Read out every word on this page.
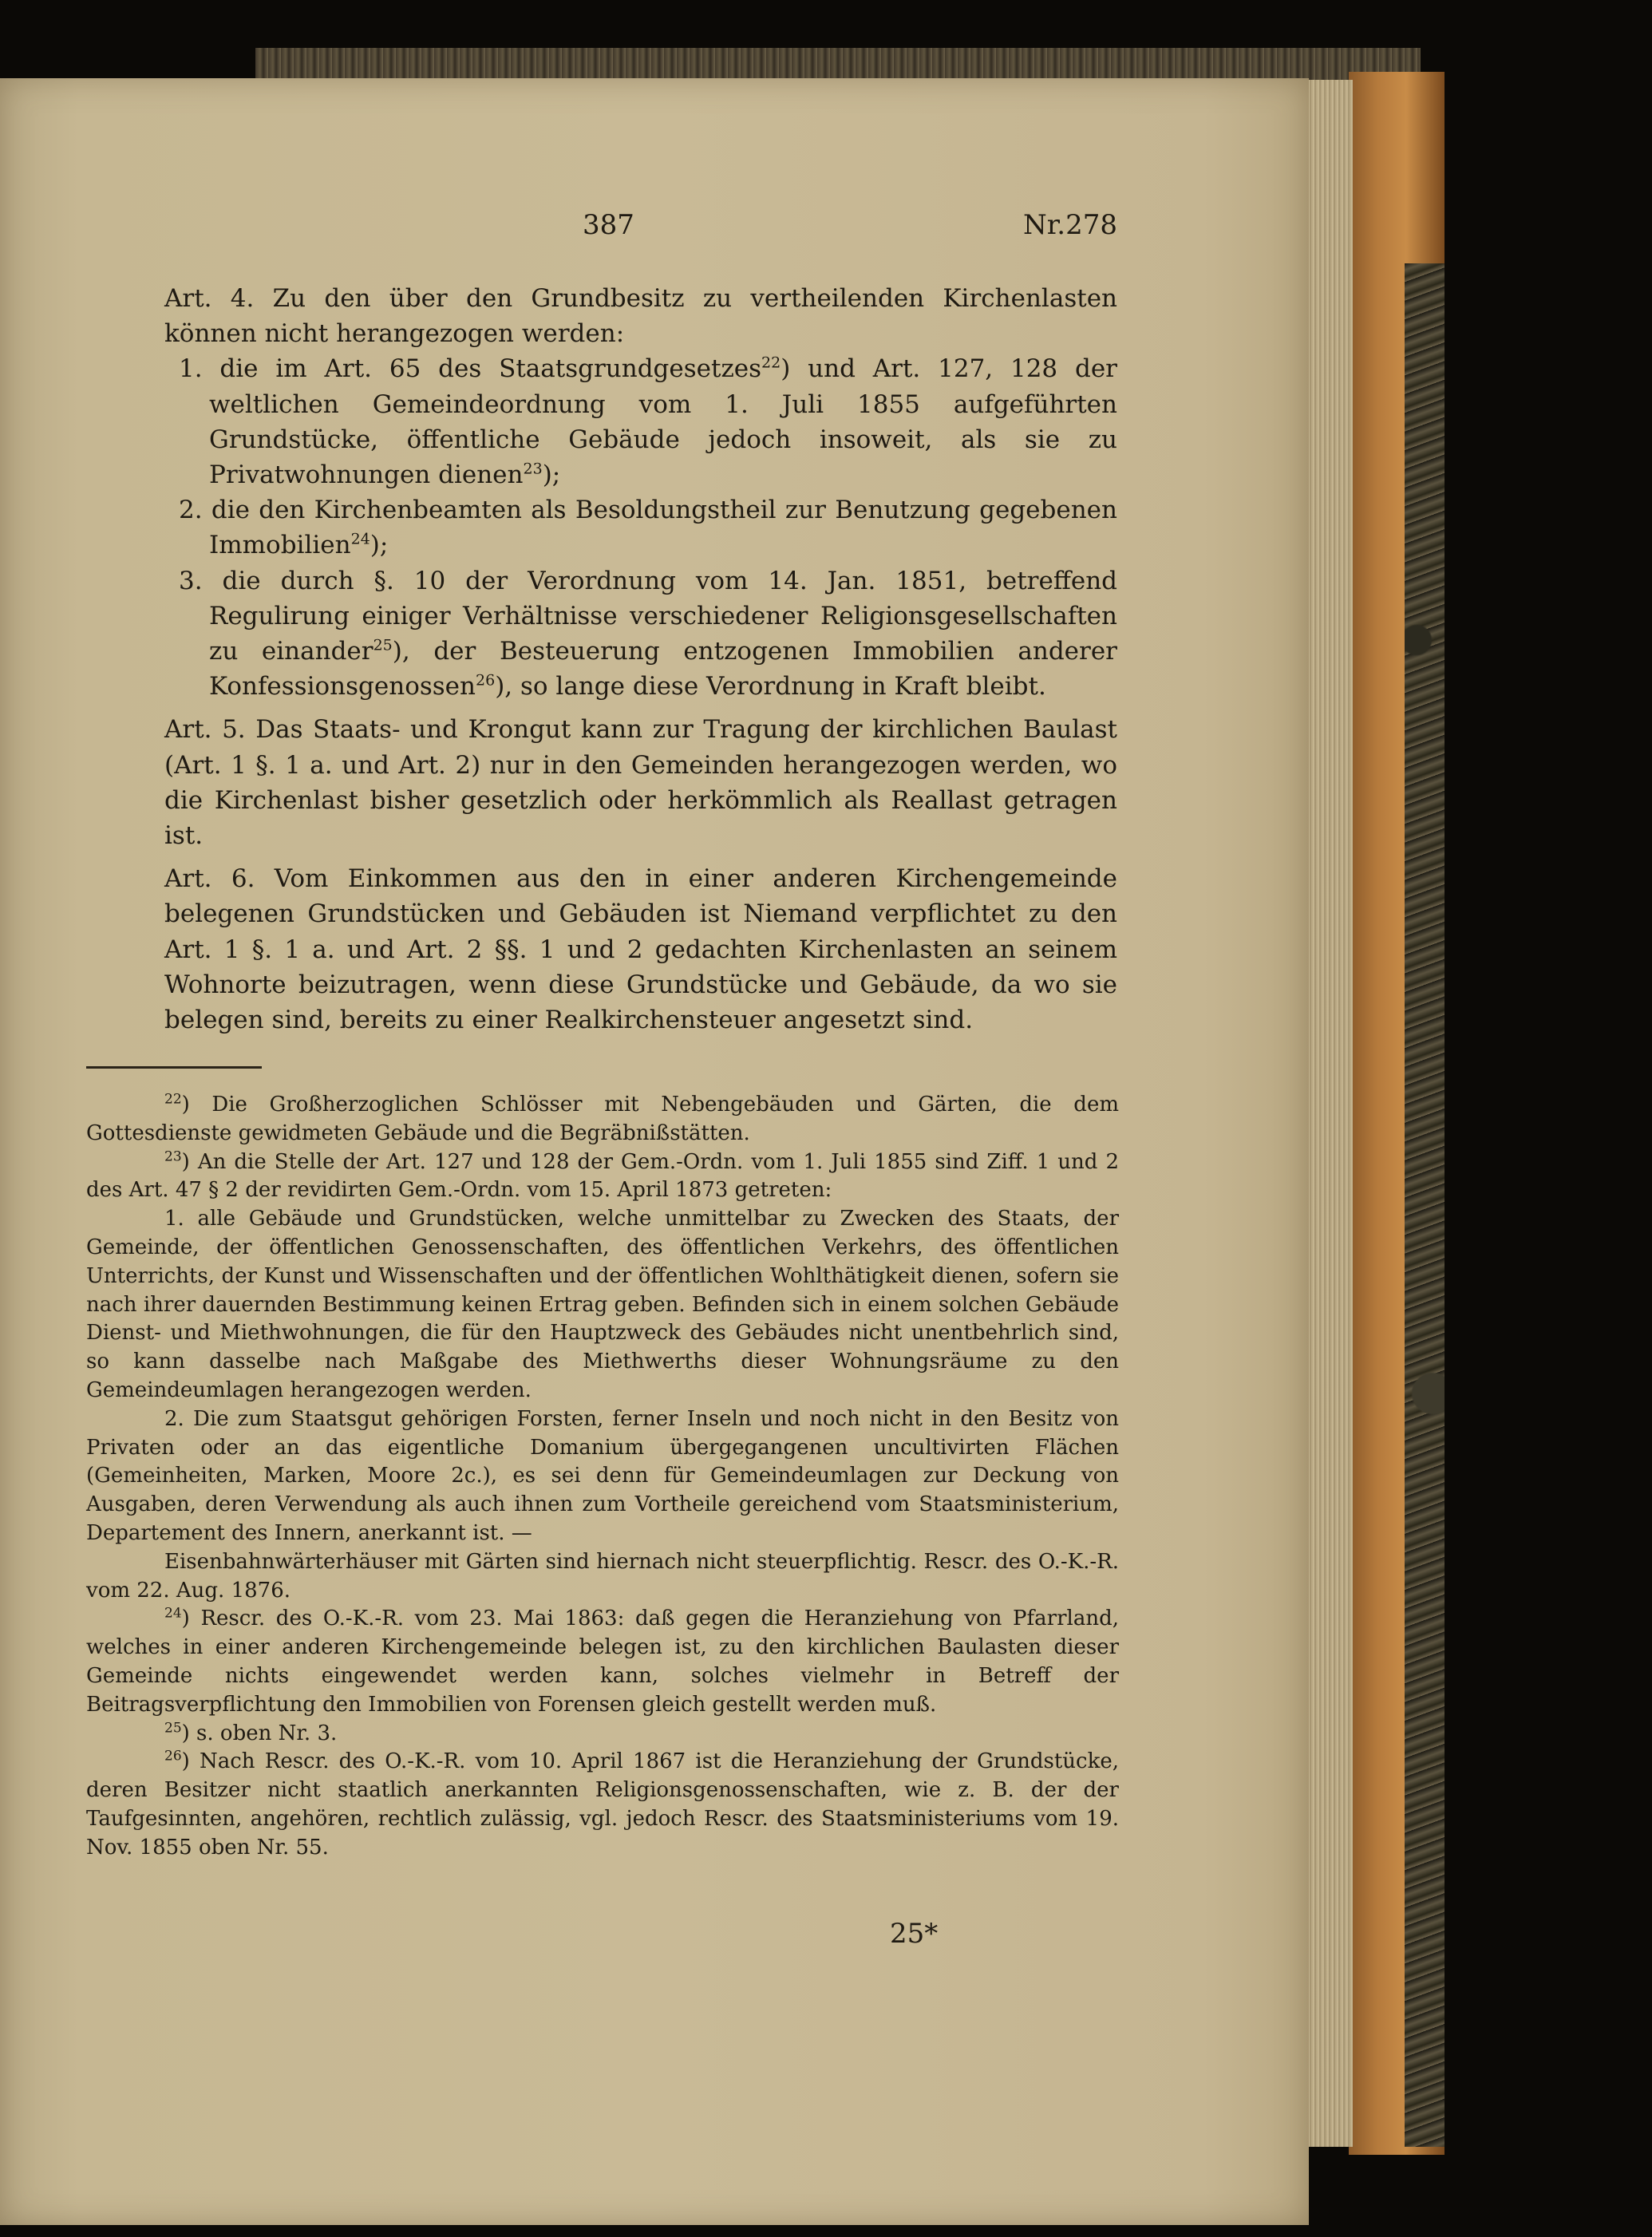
387	Nr.278

Art. 4. Zu den über den Grundbesitz zu vertheilenden Kirchenlasten können nicht herangezogen werden:

1. die im Art. 65 des Staatsgrundgesetzes$^{22}$) und Art. 127, 128 der weltlichen Gemeindeordnung vom 1. Juli 1855 aufgeführten Grundstücke, öffentliche Gebäude jedoch insoweit, als sie zu Privatwohnungen dienen$^{23}$);

2. die den Kirchenbeamten als Besoldungstheil zur Benutzung gegebenen Immobilien$^{24}$);

3. die durch §. 10 der Verordnung vom 14. Jan. 1851, betreffend Regulirung einiger Verhältnisse verschiedener Religionsgesellschaften zu einander$^{25}$), der Besteuerung entzogenen Immobilien anderer Konfessionsgenossen$^{26}$), so lange diese Verordnung in Kraft bleibt.

Art. 5. Das Staats- und Krongut kann zur Tragung der kirchlichen Baulast (Art. 1 §. 1 a. und Art. 2) nur in den Gemeinden herangezogen werden, wo die Kirchenlast bisher gesetzlich oder herkömmlich als Reallast getragen ist.

Art. 6. Vom Einkommen aus den in einer anderen Kirchengemeinde belegenen Grundstücken und Gebäuden ist Niemand verpflichtet zu den Art. 1 §. 1 a. und Art. 2 §§. 1 und 2 gedachten Kirchenlasten an seinem Wohnorte beizutragen, wenn diese Grundstücke und Gebäude, da wo sie belegen sind, bereits zu einer Realkirchensteuer angesetzt sind.

$^{22}$) Die Großherzoglichen Schlösser mit Nebengebäuden und Gärten, die dem Gottesdienste gewidmeten Gebäude und die Begräbnißstätten.

$^{23}$) An die Stelle der Art. 127 und 128 der Gem.-Ordn. vom 1. Juli 1855 sind Ziff. 1 und 2 des Art. 47 § 2 der revidirten Gem.-Ordn. vom 15. April 1873 getreten:

1. alle Gebäude und Grundstücken, welche unmittelbar zu Zwecken des Staats, der Gemeinde, der öffentlichen Genossenschaften, des öffentlichen Verkehrs, des öffentlichen Unterrichts, der Kunst und Wissenschaften und der öffentlichen Wohlthätigkeit dienen, sofern sie nach ihrer dauernden Bestimmung keinen Ertrag geben. Befinden sich in einem solchen Gebäude Dienst- und Miethwohnungen, die für den Hauptzweck des Gebäudes nicht unentbehrlich sind, so kann dasselbe nach Maßgabe des Miethwerths dieser Wohnungsräume zu den Gemeindeumlagen herangezogen werden.

2. Die zum Staatsgut gehörigen Forsten, ferner Inseln und noch nicht in den Besitz von Privaten oder an das eigentliche Domanium übergegangenen uncultivirten Flächen (Gemeinheiten, Marken, Moore 2c.), es sei denn für Gemeindeumlagen zur Deckung von Ausgaben, deren Verwendung als auch ihnen zum Vortheile gereichend vom Staatsministerium, Departement des Innern, anerkannt ist. —

Eisenbahnwärterhäuser mit Gärten sind hiernach nicht steuerpflichtig. Rescr. des O.-K.-R. vom 22. Aug. 1876.

$^{24}$) Rescr. des O.-K.-R. vom 23. Mai 1863: daß gegen die Heranziehung von Pfarrland, welches in einer anderen Kirchengemeinde belegen ist, zu den kirchlichen Baulasten dieser Gemeinde nichts eingewendet werden kann, solches vielmehr in Betreff der Beitragsverpflichtung den Immobilien von Forensen gleich gestellt werden muß.

$^{25}$) s. oben Nr. 3.

$^{26}$) Nach Rescr. des O.-K.-R. vom 10. April 1867 ist die Heranziehung der Grundstücke, deren Besitzer nicht staatlich anerkannten Religionsgenossenschaften, wie z. B. der der Taufgesinnten, angehören, rechtlich zulässig, vgl. jedoch Rescr. des Staatsministeriums vom 19. Nov. 1855 oben Nr. 55.

25*
